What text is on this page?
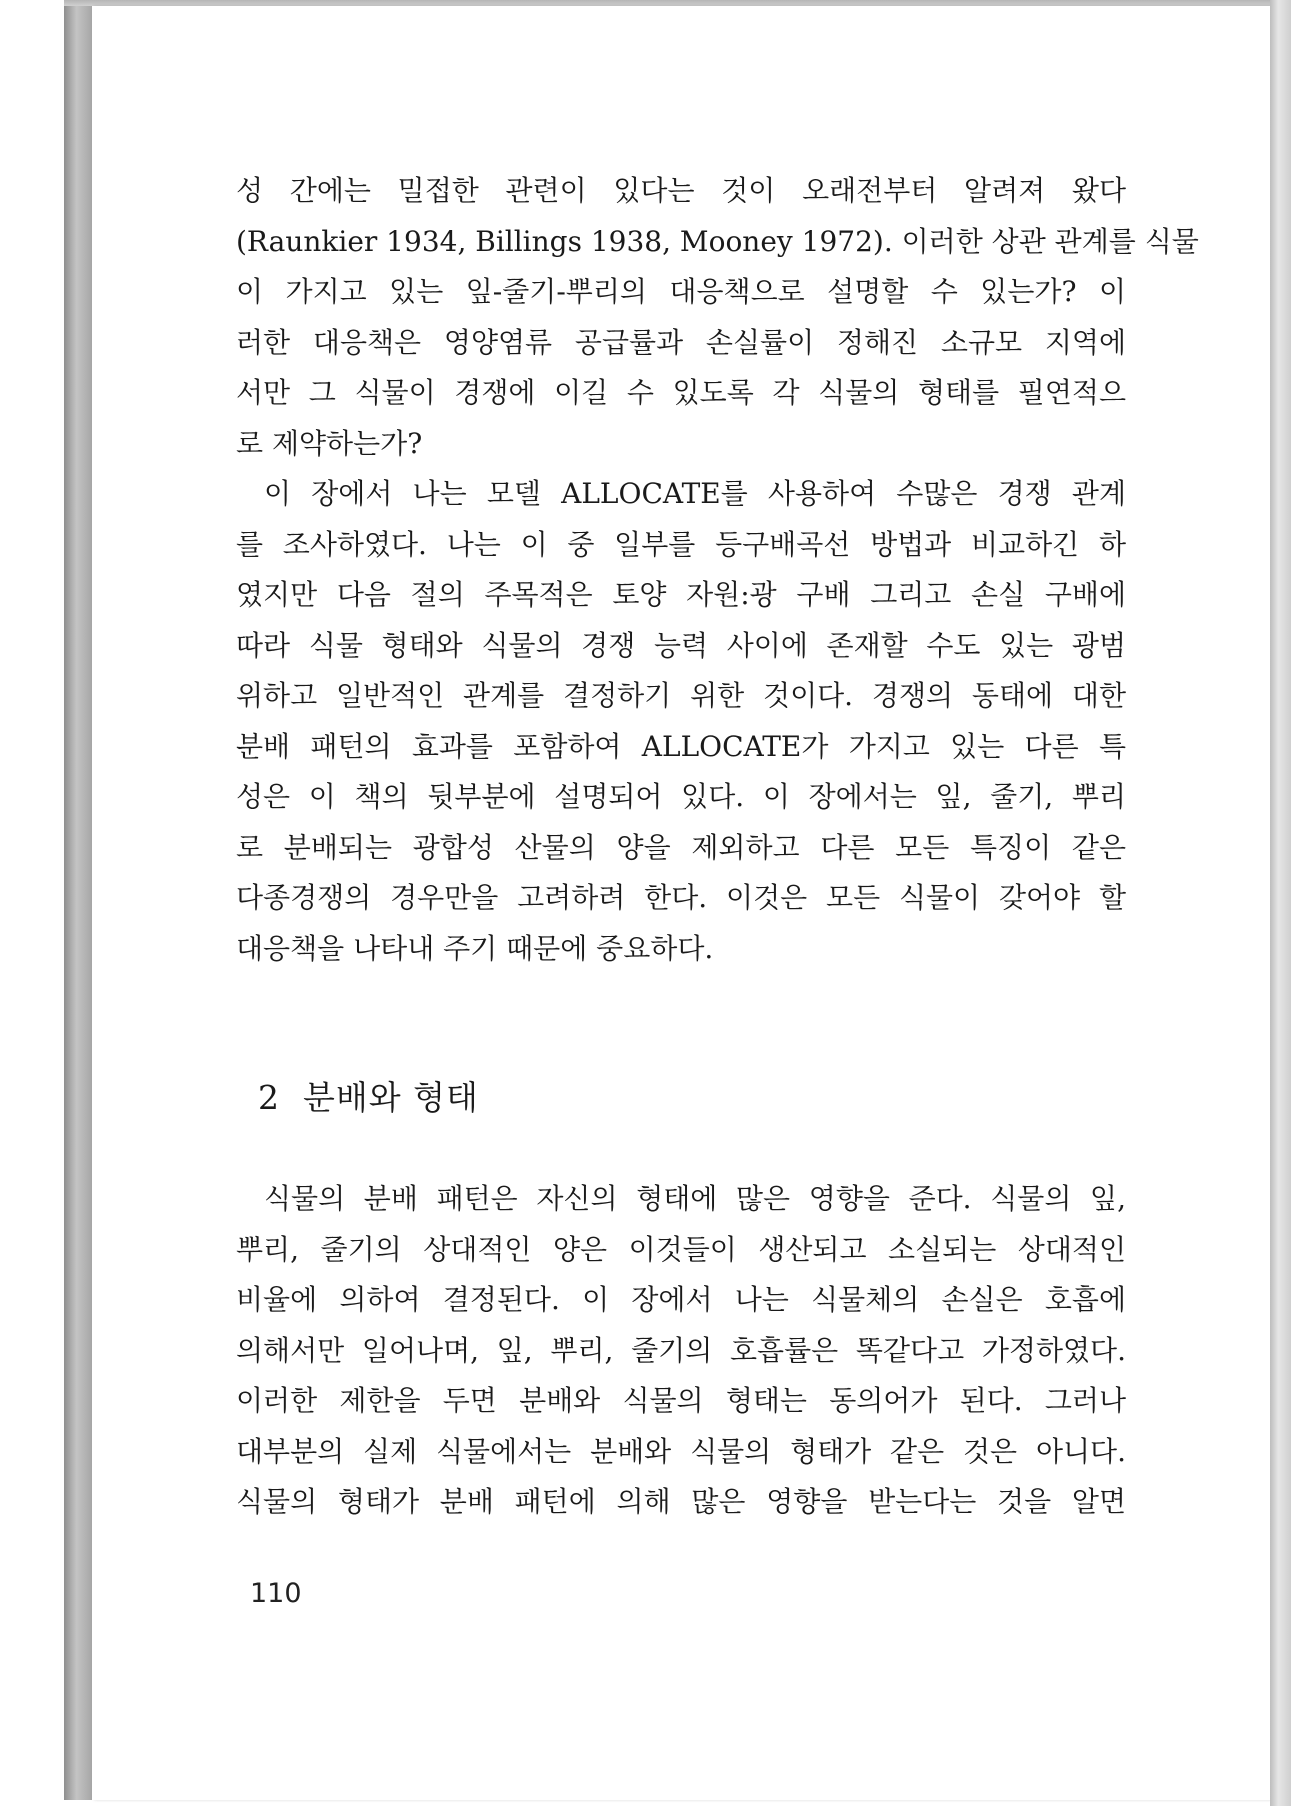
성 간에는 밀접한 관련이 있다는 것이 오래전부터 알려져 왔다
(Raunkier 1934, Billings 1938, Mooney 1972). 이러한 상관 관계를 식물
이 가지고 있는 잎-줄기-뿌리의 대응책으로 설명할 수 있는가? 이
러한 대응책은 영양염류 공급률과 손실률이 정해진 소규모 지역에
서만 그 식물이 경쟁에 이길 수 있도록 각 식물의 형태를 필연적으
로 제약하는가?
이 장에서 나는 모델 ALLOCATE를 사용하여 수많은 경쟁 관계
를 조사하였다. 나는 이 중 일부를 등구배곡선 방법과 비교하긴 하
였지만 다음 절의 주목적은 토양 자원:광 구배 그리고 손실 구배에
따라 식물 형태와 식물의 경쟁 능력 사이에 존재할 수도 있는 광범
위하고 일반적인 관계를 결정하기 위한 것이다. 경쟁의 동태에 대한
분배 패턴의 효과를 포함하여 ALLOCATE가 가지고 있는 다른 특
성은 이 책의 뒷부분에 설명되어 있다. 이 장에서는 잎, 줄기, 뿌리
로 분배되는 광합성 산물의 양을 제외하고 다른 모든 특징이 같은
다종경쟁의 경우만을 고려하려 한다. 이것은 모든 식물이 갖어야 할
대응책을 나타내 주기 때문에 중요하다.
2  분배와 형태
식물의 분배 패턴은 자신의 형태에 많은 영향을 준다. 식물의 잎,
뿌리, 줄기의 상대적인 양은 이것들이 생산되고 소실되는 상대적인
비율에 의하여 결정된다. 이 장에서 나는 식물체의 손실은 호흡에
의해서만 일어나며, 잎, 뿌리, 줄기의 호흡률은 똑같다고 가정하였다.
이러한 제한을 두면 분배와 식물의 형태는 동의어가 된다. 그러나
대부분의 실제 식물에서는 분배와 식물의 형태가 같은 것은 아니다.
식물의 형태가 분배 패턴에 의해 많은 영향을 받는다는 것을 알면
110
